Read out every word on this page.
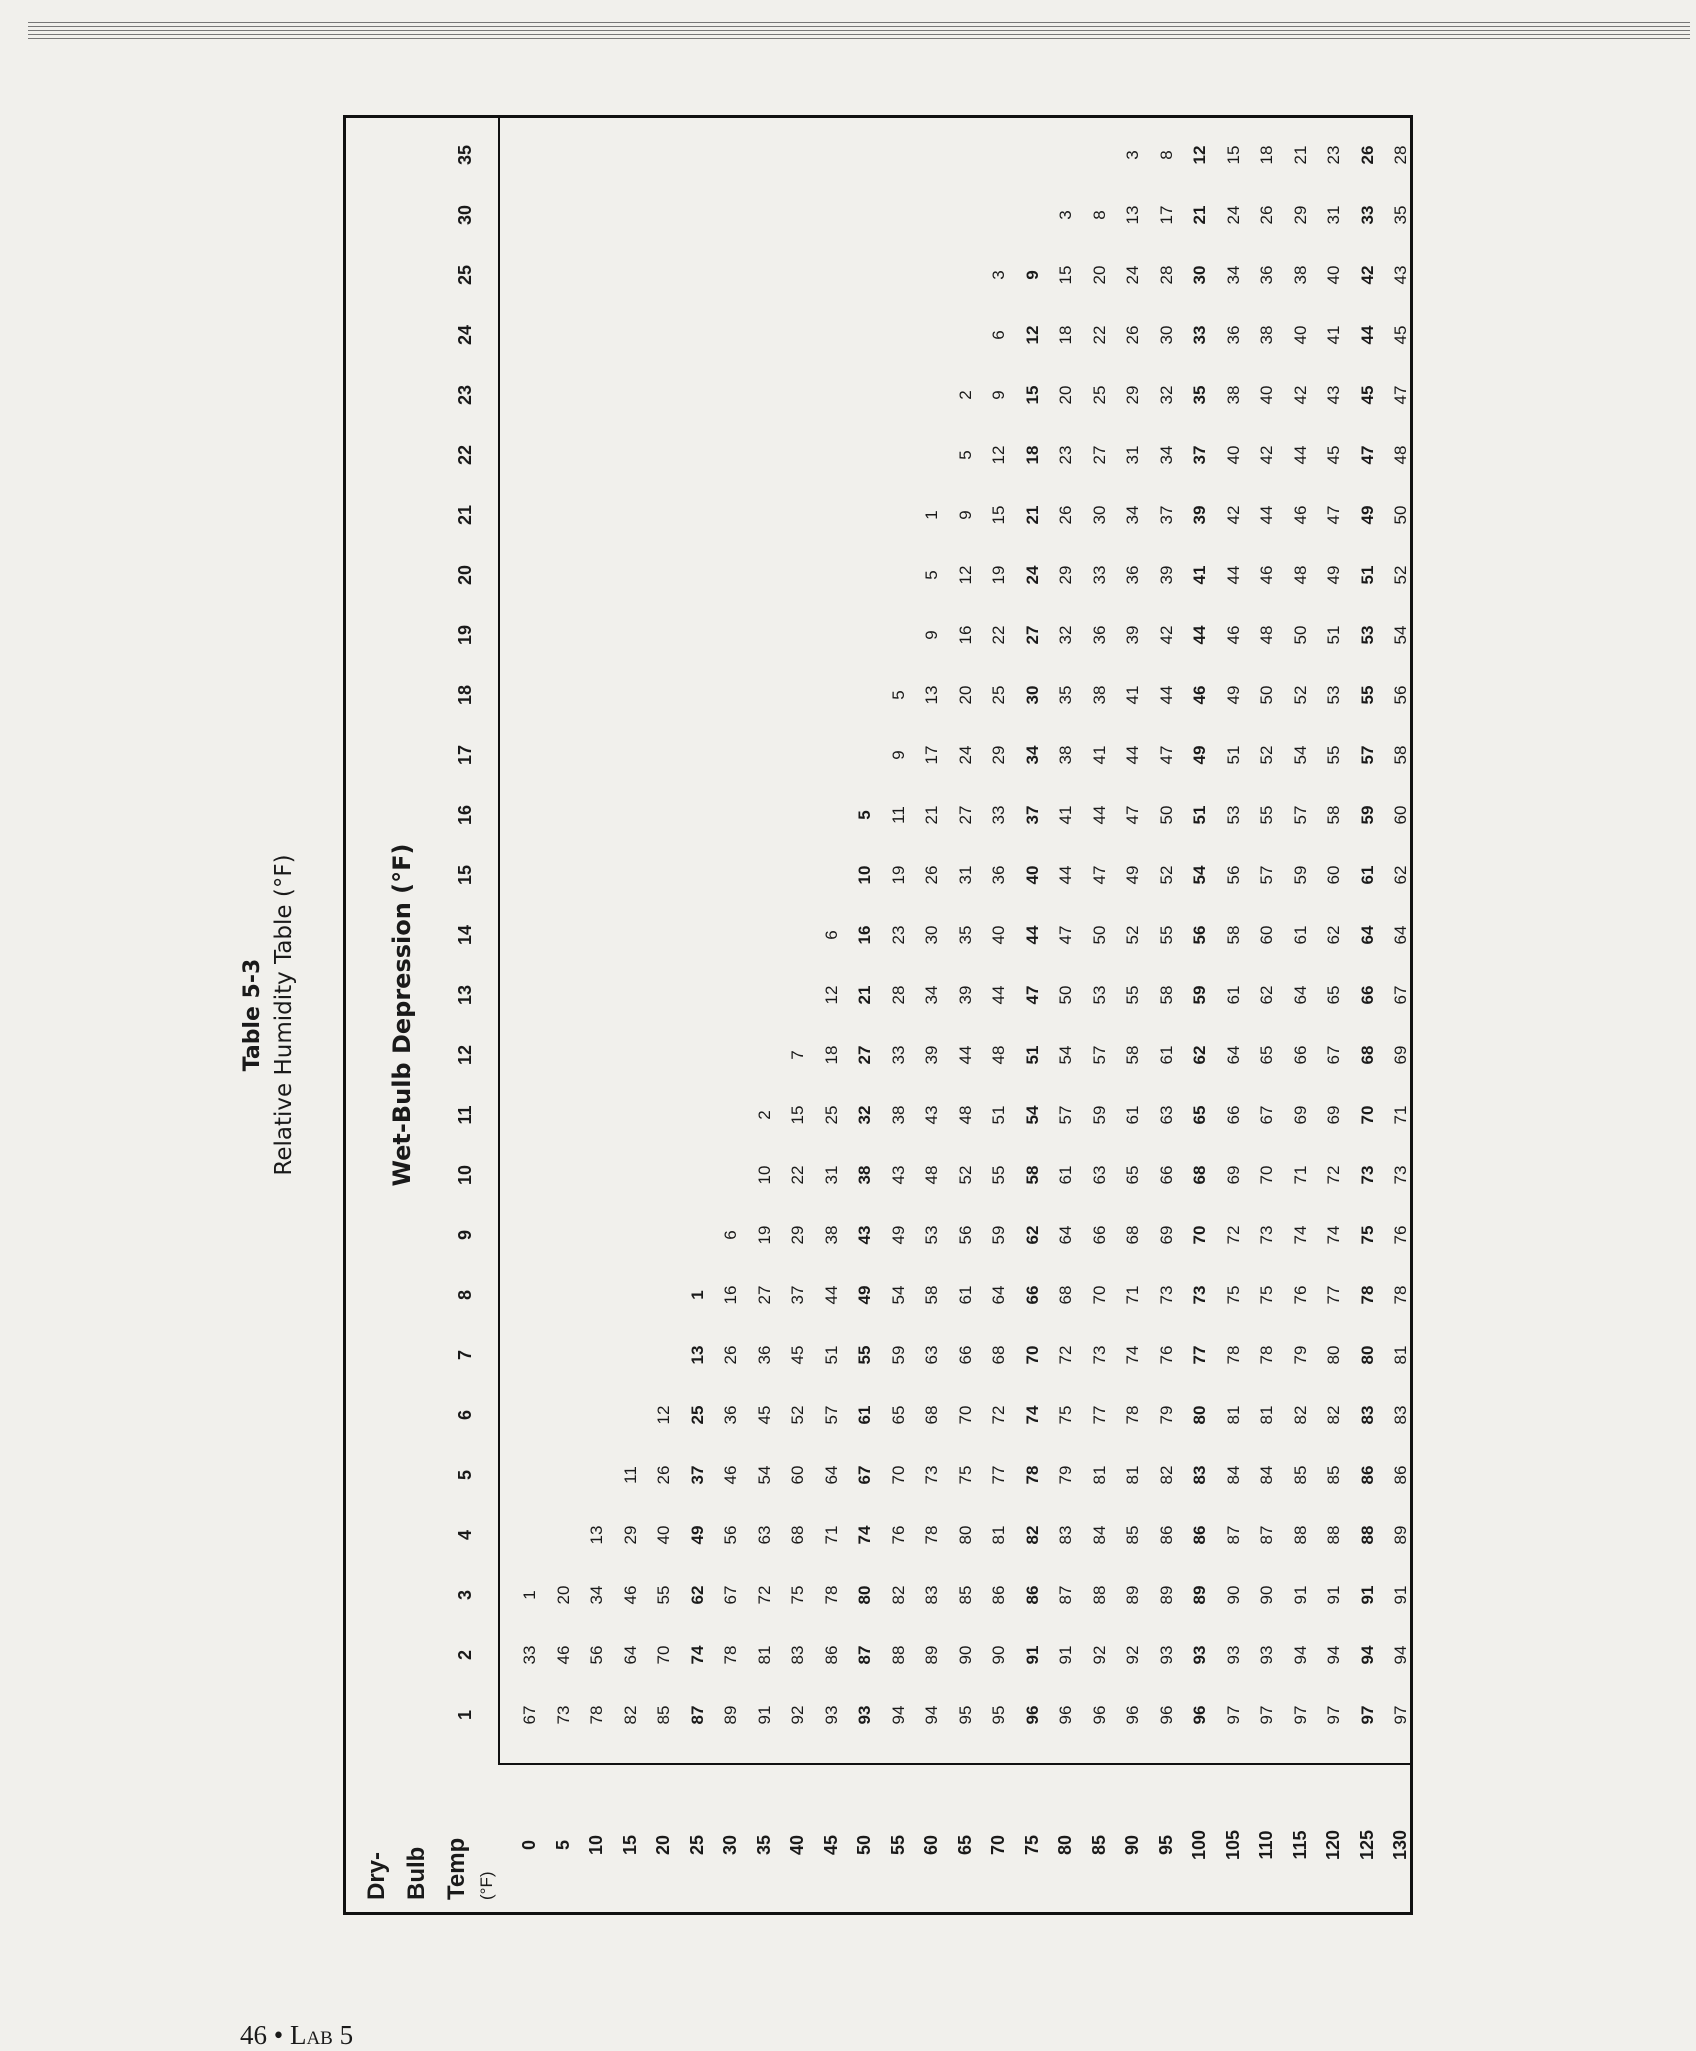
Table 5-3 Relative Humidity Table (°F)	Wet-Bulb Depression (°F)
Dry- Bulb Temp (°F)
1
2
3
4
5
6
7
8
9
10
11
12
13
14
15
16
17
18
19
20
21
22
23
24
25
30
35
0
67
33
1
5
73
46
20
10
78
56
34
13
15
82
64
46
29
11
20
85
70
55
40
26
12
25
87
74
62
49
37
25
13
1
30
89
78
67
56
46
36
26
16
6
35
91
81
72
63
54
45
36
27
19
10
2
40
92
83
75
68
60
52
45
37
29
22
15
7
45
93
86
78
71
64
57
51
44
38
31
25
18
12
6
50
93
87
80
74
67
61
55
49
43
38
32
27
21
16
10
5
55
94
88
82
76
70
65
59
54
49
43
38
33
28
23
19
11
9
5
60
94
89
83
78
73
68
63
58
53
48
43
39
34
30
26
21
17
13
9
5
1
65
95
90
85
80
75
70
66
61
56
52
48
44
39
35
31
27
24
20
16
12
9
5
2
70
95
90
86
81
77
72
68
64
59
55
51
48
44
40
36
33
29
25
22
19
15
12
9
6
3
75
96
91
86
82
78
74
70
66
62
58
54
51
47
44
40
37
34
30
27
24
21
18
15
12
9
80
96
91
87
83
79
75
72
68
64
61
57
54
50
47
44
41
38
35
32
29
26
23
20
18
15
3
85
96
92
88
84
81
77
73
70
66
63
59
57
53
50
47
44
41
38
36
33
30
27
25
22
20
8
90
96
92
89
85
81
78
74
71
68
65
61
58
55
52
49
47
44
41
39
36
34
31
29
26
24
13
3
95
96
93
89
86
82
79
76
73
69
66
63
61
58
55
52
50
47
44
42
39
37
34
32
30
28
17
8
100
96
93
89
86
83
80
77
73
70
68
65
62
59
56
54
51
49
46
44
41
39
37
35
33
30
21
12
105
97
93
90
87
84
81
78
75
72
69
66
64
61
58
56
53
51
49
46
44
42
40
38
36
34
24
15
110
97
93
90
87
84
81
78
75
73
70
67
65
62
60
57
55
52
50
48
46
44
42
40
38
36
26
18
115
97
94
91
88
85
82
79
76
74
71
69
66
64
61
59
57
54
52
50
48
46
44
42
40
38
29
21
120
97
94
91
88
85
82
80
77
74
72
69
67
65
62
60
58
55
53
51
49
47
45
43
41
40
31
23
125
97
94
91
88
86
83
80
78
75
73
70
68
66
64
61
59
57
55
53
51
49
47
45
44
42
33
26
130
97
94
91
89
86
83
81
78
76
73
71
69
67
64
62
60
58
56
54
52
50
48
47
45
43
35
28
46 • Lab 5
